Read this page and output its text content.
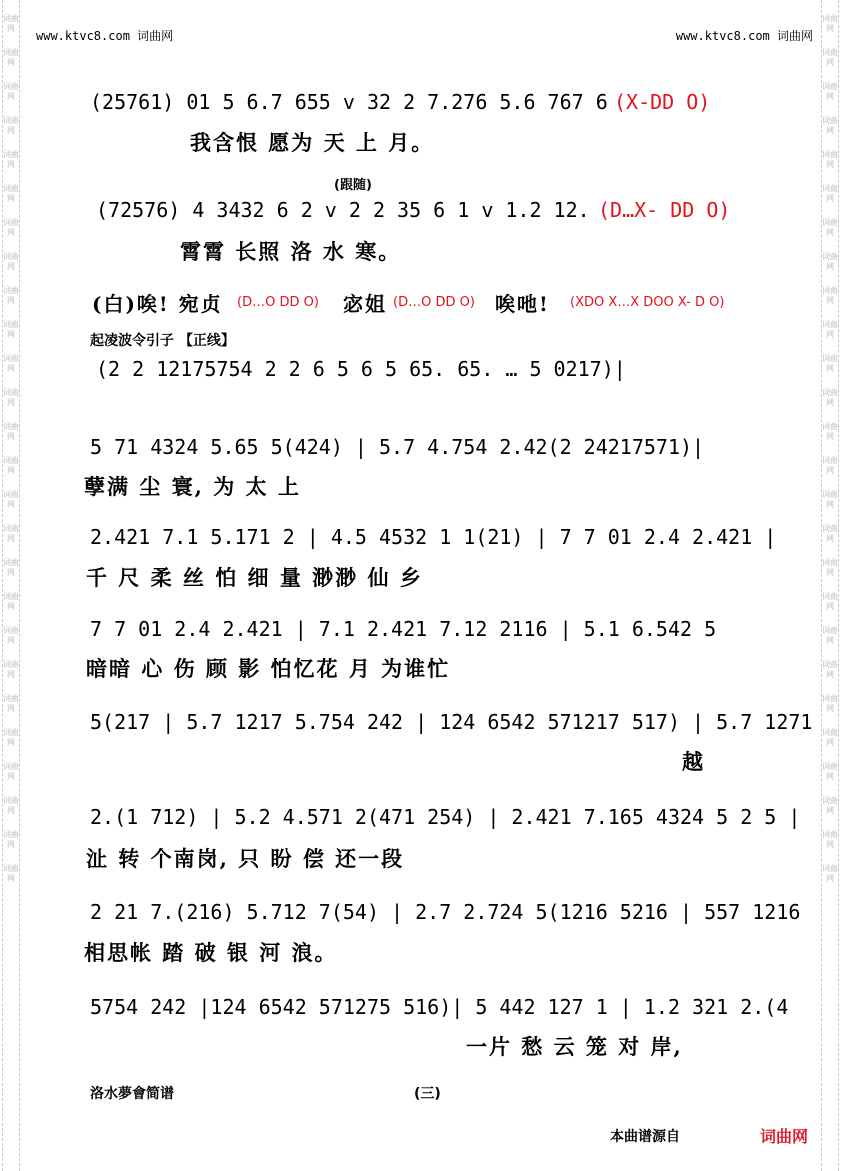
词曲网
词曲网
词曲网
词曲网
词曲网
词曲网
词曲网
词曲网
词曲网
词曲网
词曲网
词曲网
词曲网
词曲网
词曲网
词曲网
词曲网
词曲网
词曲网
词曲网
词曲网
词曲网
词曲网
词曲网
词曲网
词曲网
词曲网
词曲网
词曲网
词曲网
词曲网
词曲网
词曲网
词曲网
词曲网
词曲网
词曲网
词曲网
词曲网
词曲网
词曲网
词曲网
词曲网
词曲网
词曲网
词曲网
词曲网
词曲网
词曲网
词曲网
词曲网
词曲网
www.ktvc8.com 词曲网	www.ktvc8.com 词曲网
(25761) 01 5 6.7 655 v 32 2 7.276 5.6 767 6 (X-DD O)
我含恨 愿为 天 上 月。
(跟随)
(72576) 4 3432 6 2 v 2 2 35 6 1 v 1.2 12. (D…X- DD O)
霄霄 长照 洛 水 寒。
(白)唉! 宛贞 (D…O DD O) 宓姐 (D…O DD O) 唉吔! (XDO X…X DOO X- D O)
起凌波令引子 【正线】
(2 2 12175754 2 2 6 5 6 5 65. 65. … 5 0217)|
5 71 4324 5.65 5(424) | 5.7 4.754 2.42(2 24217571)|
孽满 尘 寰, 为 太 上
2.421 7.1 5.171 2 | 4.5 4532 1 1(21) | 7 7 01 2.4 2.421 |
千 尺 柔 丝 怕 细 量 渺渺 仙 乡
7 7 01 2.4 2.421 | 7.1 2.421 7.12 2116 | 5.1 6.542 5
暗暗 心 伤 顾 影 怕忆花 月 为谁忙
5(217 | 5.7 1217 5.754 242 | 124 6542 571217 517) | 5.7 1271
越
2.(1 712) | 5.2 4.571 2(471 254) | 2.421 7.165 4324 5 2 5 |
沚 转 个南岗, 只 盼 偿 还一段
2 21 7.(216) 5.712 7(54) | 2.7 2.724 5(1216 5216 | 557 1216
相思帐 踏 破 银 河 浪。
5754 242 |124 6542 571275 516)| 5 442 127 1 | 1.2 321 2.(4
一片 愁 云 笼 对 岸,
洛水夢會简谱	(三)
本曲谱源自	词曲网
